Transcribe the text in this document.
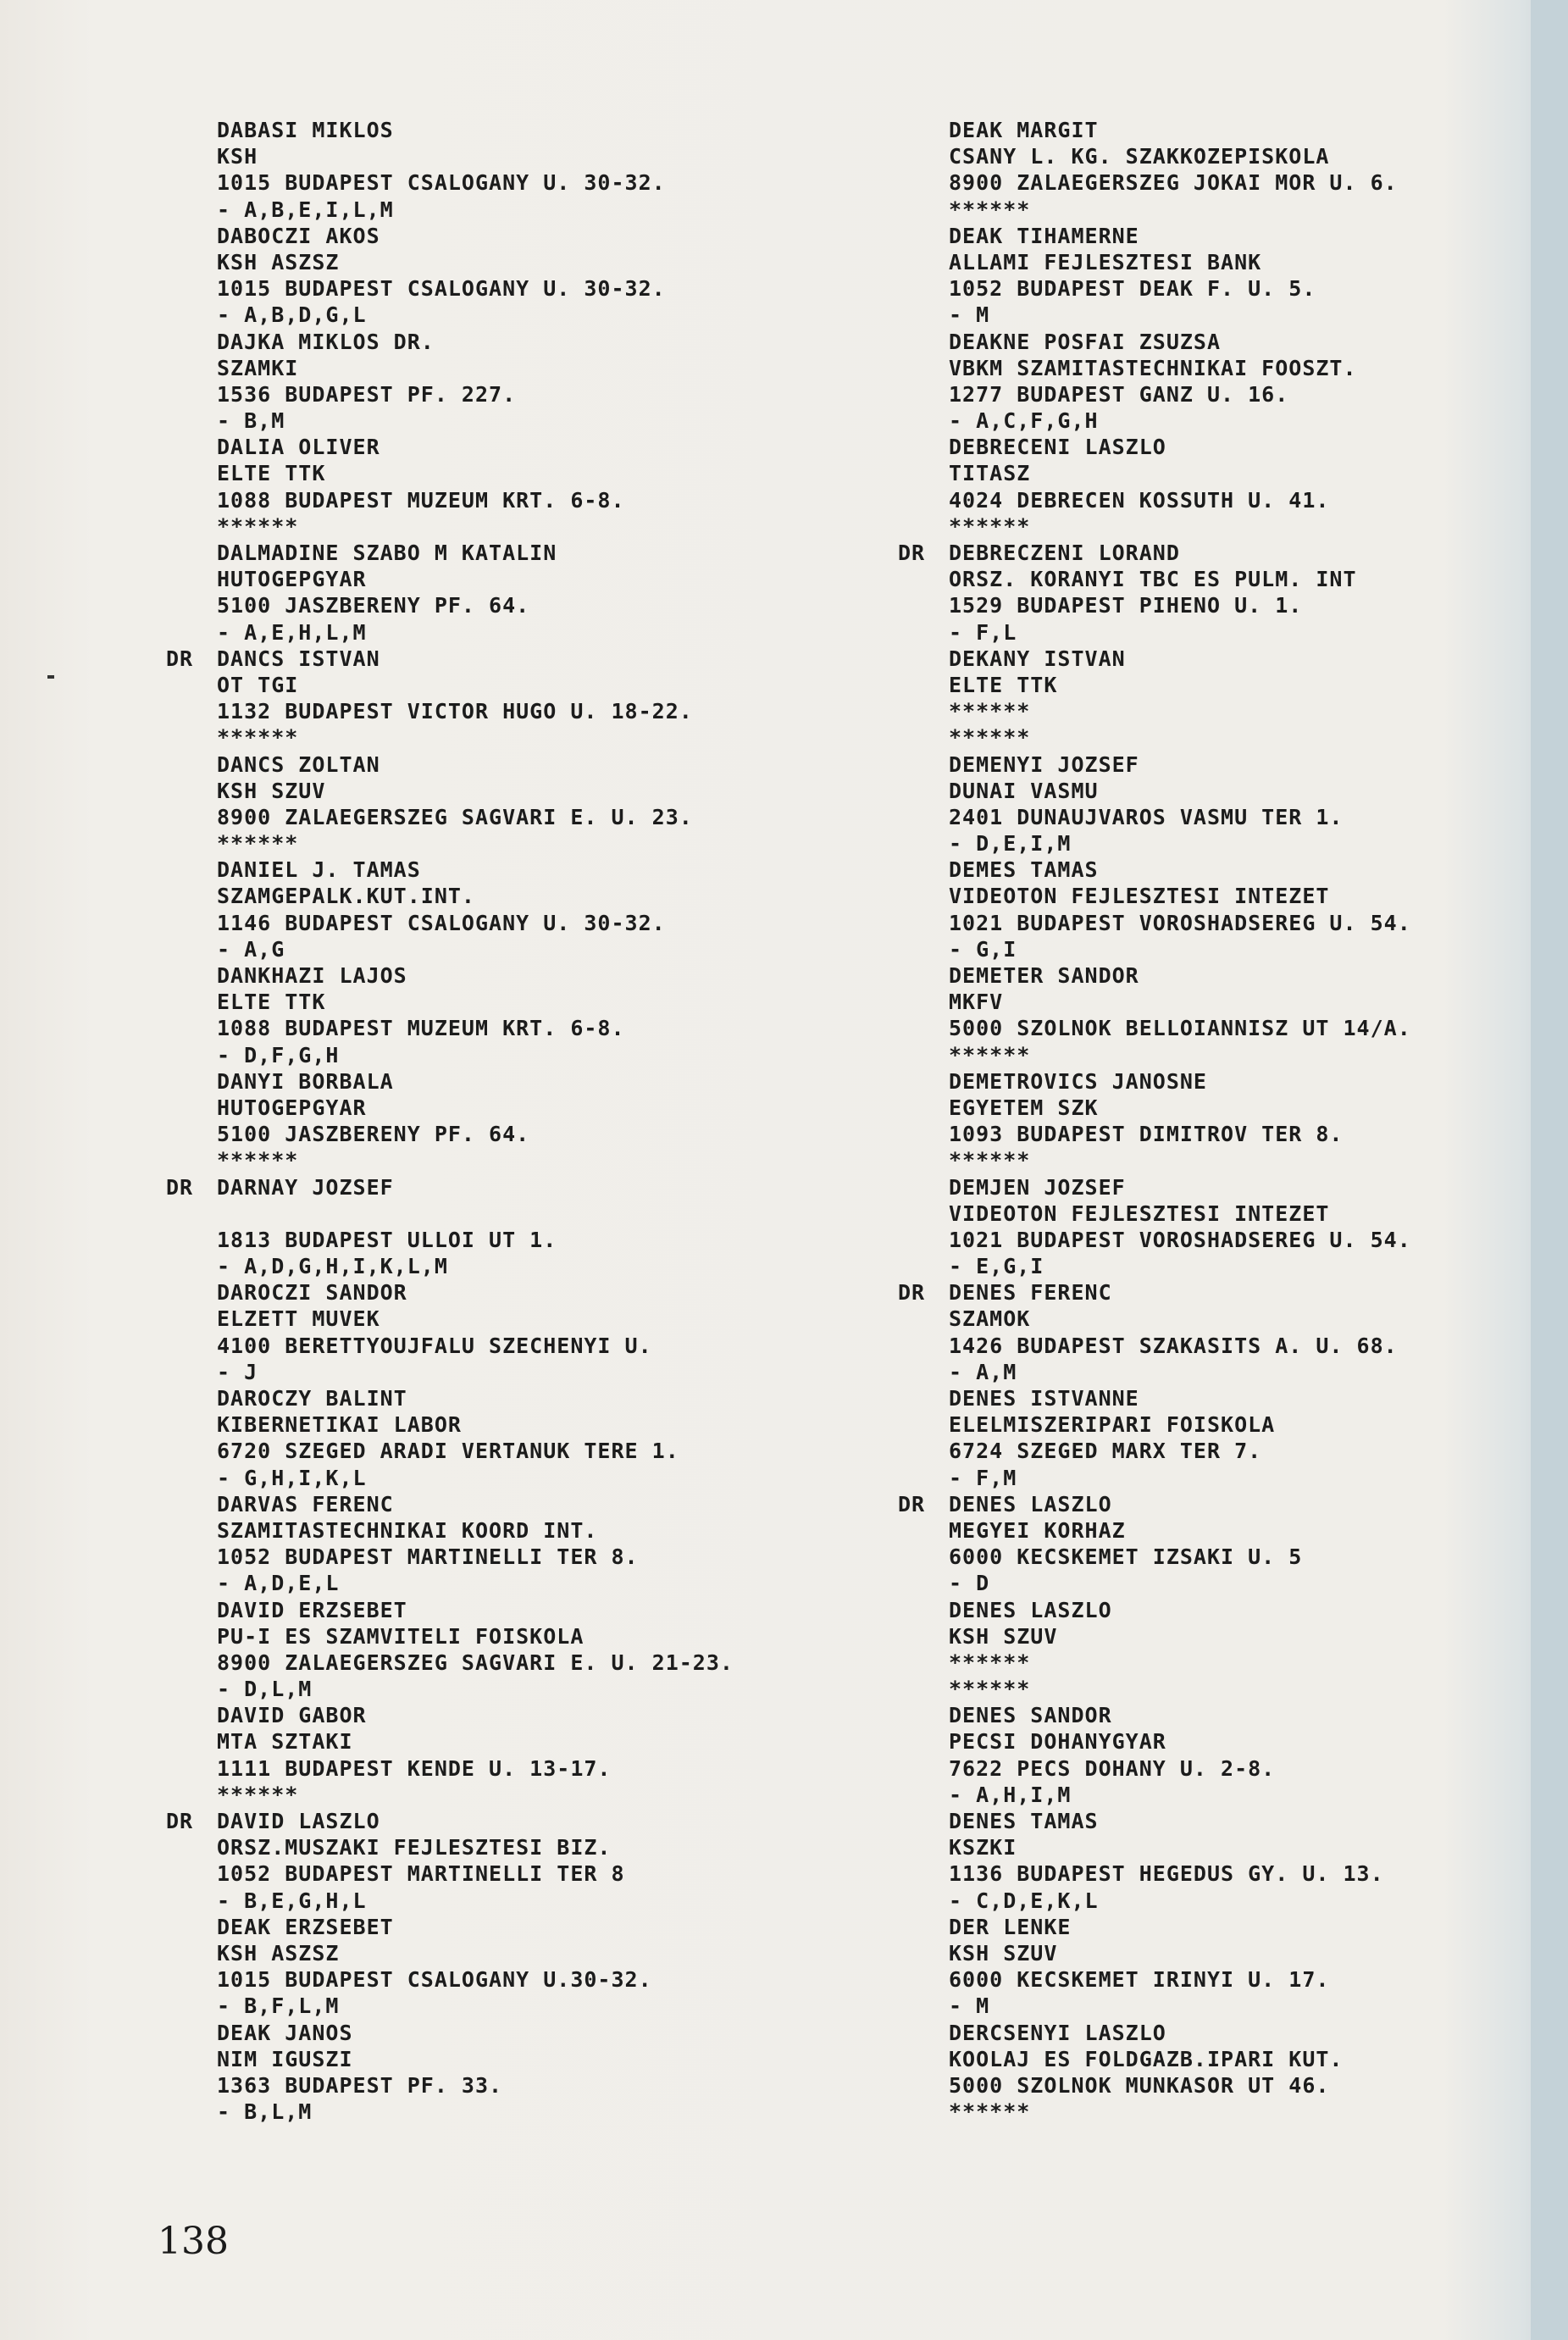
DABASI MIKLOS
KSH
1015 BUDAPEST CSALOGANY U. 30-32.
- A,B,E,I,L,M
DABOCZI AKOS
KSH ASZSZ
1015 BUDAPEST CSALOGANY U. 30-32.
- A,B,D,G,L
DAJKA MIKLOS DR.
SZAMKI
1536 BUDAPEST PF. 227.
- B,M
DALIA OLIVER
ELTE TTK
1088 BUDAPEST MUZEUM KRT. 6-8.
******
DALMADINE SZABO M KATALIN
HUTOGEPGYAR
5100 JASZBERENY PF. 64.
- A,E,H,L,M
DR DANCS ISTVAN
OT TGI
1132 BUDAPEST VICTOR HUGO U. 18-22.
******
DANCS ZOLTAN
KSH SZUV
8900 ZALAEGERSZEG SAGVARI E. U. 23.
******
DANIEL J. TAMAS
SZAMGEPALK.KUT.INT.
1146 BUDAPEST CSALOGANY U. 30-32.
- A,G
DANKHAZI LAJOS
ELTE TTK
1088 BUDAPEST MUZEUM KRT. 6-8.
- D,F,G,H
DANYI BORBALA
HUTOGEPGYAR
5100 JASZBERENY PF. 64.
******
DR DARNAY JOZSEF
1813 BUDAPEST ULLOI UT 1.
- A,D,G,H,I,K,L,M
DAROCZI SANDOR
ELZETT MUVEK
4100 BERETTYOUJFALU SZECHENYI U.
- J
DAROCZY BALINT
KIBERNETIKAI LABOR
6720 SZEGED ARADI VERTANUK TERE 1.
- G,H,I,K,L
DARVAS FERENC
SZAMITASTECHNIKAI KOORD INT.
1052 BUDAPEST MARTINELLI TER 8.
- A,D,E,L
DAVID ERZSEBET
PU-I ES SZAMVITELI FOISKOLA
8900 ZALAEGERSZEG SAGVARI E. U. 21-23.
- D,L,M
DAVID GABOR
MTA SZTAKI
1111 BUDAPEST KENDE U. 13-17.
******
DR DAVID LASZLO
ORSZ.MUSZAKI FEJLESZTESI BIZ.
1052 BUDAPEST MARTINELLI TER 8
- B,E,G,H,L
DEAK ERZSEBET
KSH ASZSZ
1015 BUDAPEST CSALOGANY U.30-32.
- B,F,L,M
DEAK JANOS
NIM IGUSZI
1363 BUDAPEST PF. 33.
- B,L,M
DEAK MARGIT
CSANY L. KG. SZAKKOZEPISKOLA
8900 ZALAEGERSZEG JOKAI MOR U. 6.
******
DEAK TIHAMERNE
ALLAMI FEJLESZTESI BANK
1052 BUDAPEST DEAK F. U. 5.
- M
DEAKNE POSFAI ZSUZSA
VBKM SZAMITASTECHNIKAI FOOSZT.
1277 BUDAPEST GANZ U. 16.
- A,C,F,G,H
DEBRECENI LASZLO
TITASZ
4024 DEBRECEN KOSSUTH U. 41.
******
DR DEBRECZENI LORAND
ORSZ. KORANYI TBC ES PULM. INT
1529 BUDAPEST PIHENO U. 1.
- F,L
DEKANY ISTVAN
ELTE TTK
******
******
DEMENYI JOZSEF
DUNAI VASMU
2401 DUNAUJVAROS VASMU TER 1.
- D,E,I,M
DEMES TAMAS
VIDEOTON FEJLESZTESI INTEZET
1021 BUDAPEST VOROSHADSEREG U. 54.
- G,I
DEMETER SANDOR
MKFV
5000 SZOLNOK BELLOIANNISZ UT 14/A.
******
DEMETROVICS JANOSNE
EGYETEM SZK
1093 BUDAPEST DIMITROV TER 8.
******
DEMJEN JOZSEF
VIDEOTON FEJLESZTESI INTEZET
1021 BUDAPEST VOROSHADSEREG U. 54.
- E,G,I
DR DENES FERENC
SZAMOK
1426 BUDAPEST SZAKASITS A. U. 68.
- A,M
DENES ISTVANNE
ELELMISZERIPARI FOISKOLA
6724 SZEGED MARX TER 7.
- F,M
DR DENES LASZLO
MEGYEI KORHAZ
6000 KECSKEMET IZSAKI U. 5
- D
DENES LASZLO
KSH SZUV
******
******
DENES SANDOR
PECSI DOHANYGYAR
7622 PECS DOHANY U. 2-8.
- A,H,I,M
DENES TAMAS
KSZKI
1136 BUDAPEST HEGEDUS GY. U. 13.
- C,D,E,K,L
DER LENKE
KSH SZUV
6000 KECSKEMET IRINYI U. 17.
- M
DERCSENYI LASZLO
KOOLAJ ES FOLDGAZB.IPARI KUT.
5000 SZOLNOK MUNKASOR UT 46.
******
138
